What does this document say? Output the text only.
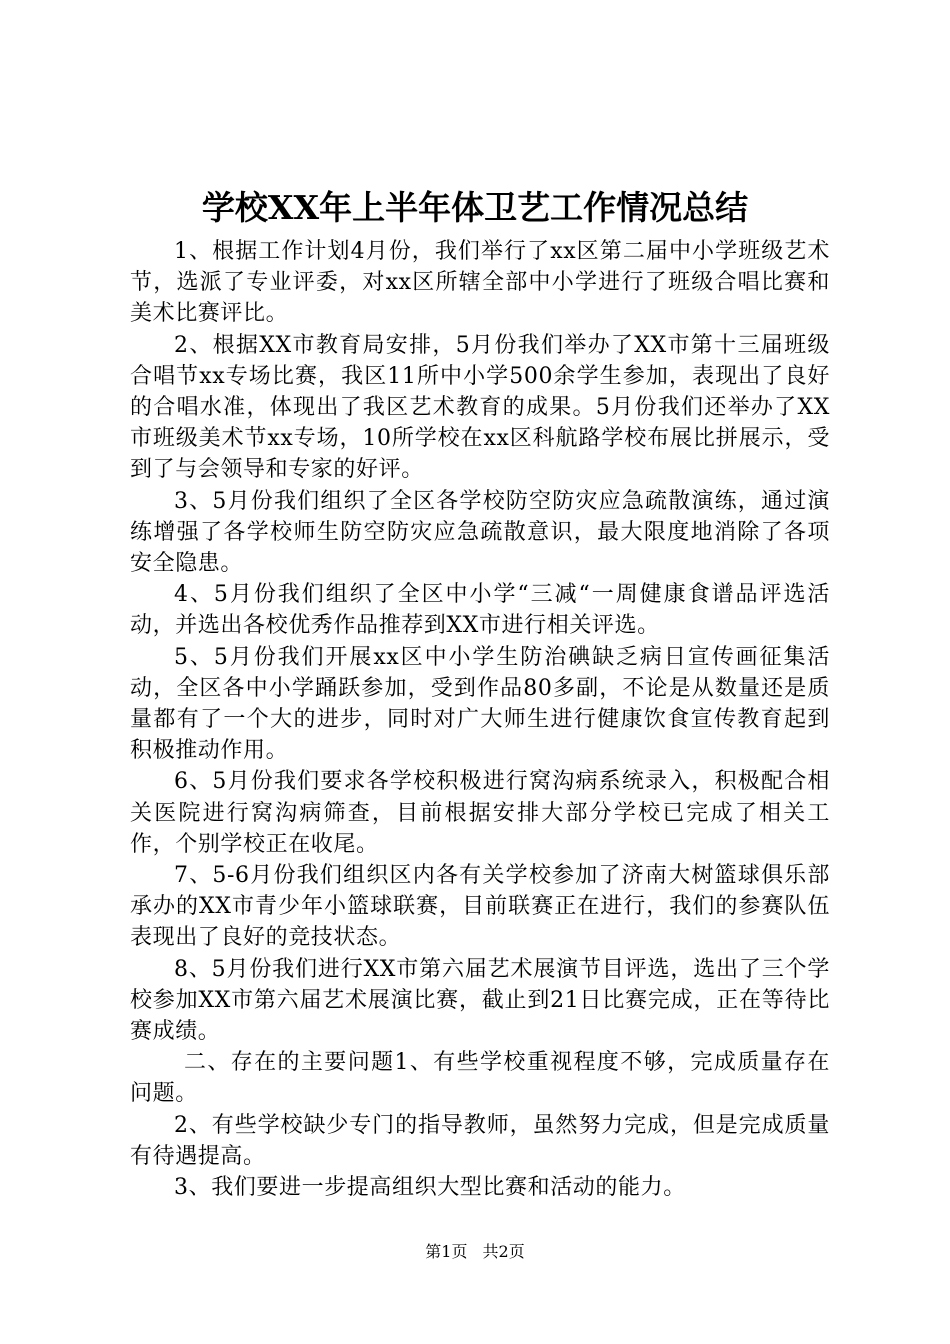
学校XX年上半年体卫艺工作情况总结

1、根据工作计划4月份，我们举行了xx区第二届中小学班级艺术节，选派了专业评委，对xx区所辖全部中小学进行了班级合唱比赛和美术比赛评比。

2、根据XX市教育局安排，5月份我们举办了XX市第十三届班级合唱节xx专场比赛，我区11所中小学500余学生参加，表现出了良好的合唱水准，体现出了我区艺术教育的成果。5月份我们还举办了XX市班级美术节xx专场，10所学校在xx区科航路学校布展比拼展示，受到了与会领导和专家的好评。

3、5月份我们组织了全区各学校防空防灾应急疏散演练，通过演练增强了各学校师生防空防灾应急疏散意识，最大限度地消除了各项安全隐患。

4、5月份我们组织了全区中小学“三减“一周健康食谱品评选活动，并选出各校优秀作品推荐到XX市进行相关评选。

5、5月份我们开展xx区中小学生防治碘缺乏病日宣传画征集活动，全区各中小学踊跃参加，受到作品80多副，不论是从数量还是质量都有了一个大的进步，同时对广大师生进行健康饮食宣传教育起到积极推动作用。

6、5月份我们要求各学校积极进行窝沟病系统录入，积极配合相关医院进行窝沟病筛查，目前根据安排大部分学校已完成了相关工作，个别学校正在收尾。

7、5-6月份我们组织区内各有关学校参加了济南大树篮球俱乐部承办的XX市青少年小篮球联赛，目前联赛正在进行，我们的参赛队伍表现出了良好的竞技状态。

8、5月份我们进行XX市第六届艺术展演节目评选，选出了三个学校参加XX市第六届艺术展演比赛，截止到21日比赛完成，正在等待比赛成绩。

二、存在的主要问题1、有些学校重视程度不够，完成质量存在问题。

2、有些学校缺少专门的指导教师，虽然努力完成，但是完成质量有待遇提高。

3、我们要进一步提高组织大型比赛和活动的能力。

第1页 共2页
